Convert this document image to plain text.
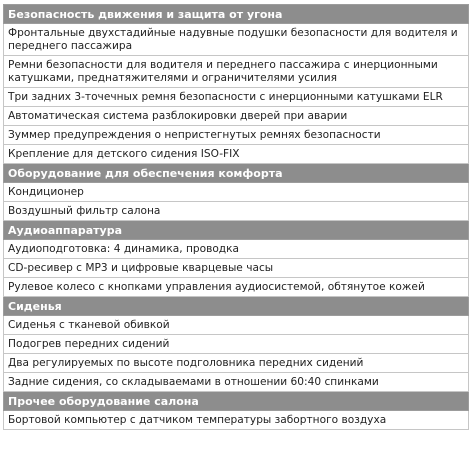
Безопасность движения и защита от угона
Фронтальные двухстадийные надувные подушки безопасности для водителя и переднего пассажира
Ремни безопасности для водителя и переднего пассажира с инерционными катушками, преднатяжителями и ограничителями усилия
Три задних 3-точечных ремня безопасности с инерционными катушками ELR
Автоматическая система разблокировки дверей при аварии
Зуммер предупреждения о непристегнутых ремнях безопасности
Крепление для детского сидения ISO-FIX
Оборудование для обеспечения комфорта
Кондиционер
Воздушный фильтр салона
Аудиоаппаратура
Аудиоподготовка: 4 динамика, проводка
CD-ресивер с MP3 и цифровые кварцевые часы
Рулевое колесо с кнопками управления аудиосистемой, обтянутое кожей
Сиденья
Сиденья с тканевой обивкой
Подогрев передних сидений
Два регулируемых по высоте подголовника передних сидений
Задние сидения, со складываемами в отношении 60:40 спинками
Прочее оборудование салона
Бортовой компьютер с датчиком температуры забортного воздуха
